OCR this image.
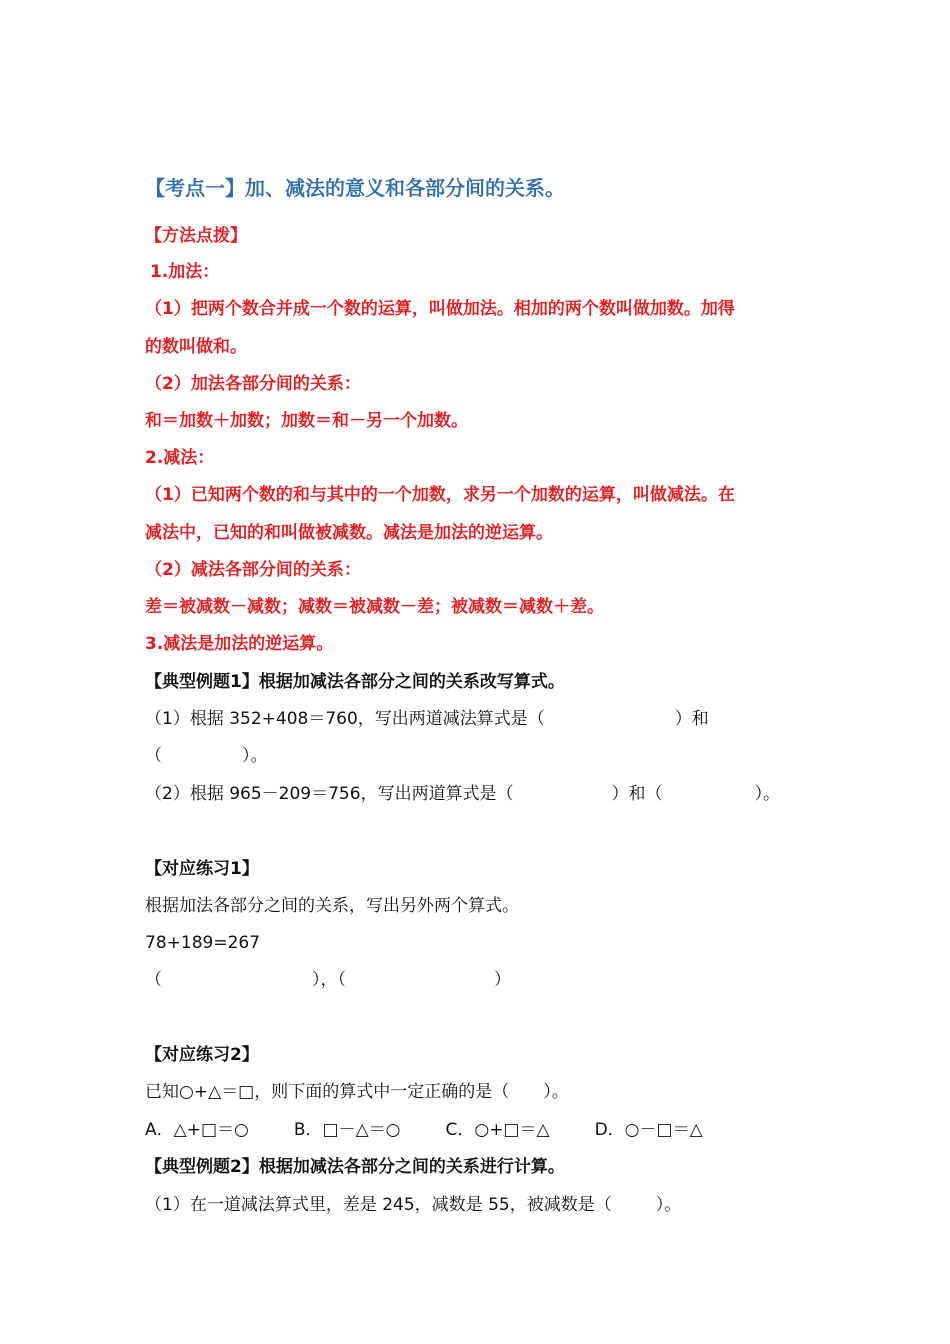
【考点一】加、减法的意义和各部分间的关系。
【方法点拨】
1.加法：
（1）把两个数合并成一个数的运算，叫做加法。相加的两个数叫做加数。加得
的数叫做和。
（2）加法各部分间的关系：
和＝加数＋加数；加数＝和－另一个加数。
2.减法：
（1）已知两个数的和与其中的一个加数，求另一个加数的运算，叫做减法。在
减法中，已知的和叫做被减数。减法是加法的逆运算。
（2）减法各部分间的关系：
差＝被减数－减数；减数＝被减数－差；被减数＝减数＋差。
3.减法是加法的逆运算。
【典型例题1】根据加减法各部分之间的关系改写算式。
（1）根据 352+408＝760，写出两道减法算式是（	）和
（	）。
（2）根据 965－209＝756，写出两道算式是（	）和（	）。
【对应练习1】
根据加法各部分之间的关系，写出另外两个算式。
78+189=267
（	），（	）
【对应练习2】
已知○+△＝□，则下面的算式中一定正确的是（　　）。
A．△+□＝○	B．□－△＝○	C．○+□＝△	D．○－□＝△
【典型例题2】根据加减法各部分之间的关系进行计算。
（1）在一道减法算式里，差是 245，减数是 55，被减数是（	）。
